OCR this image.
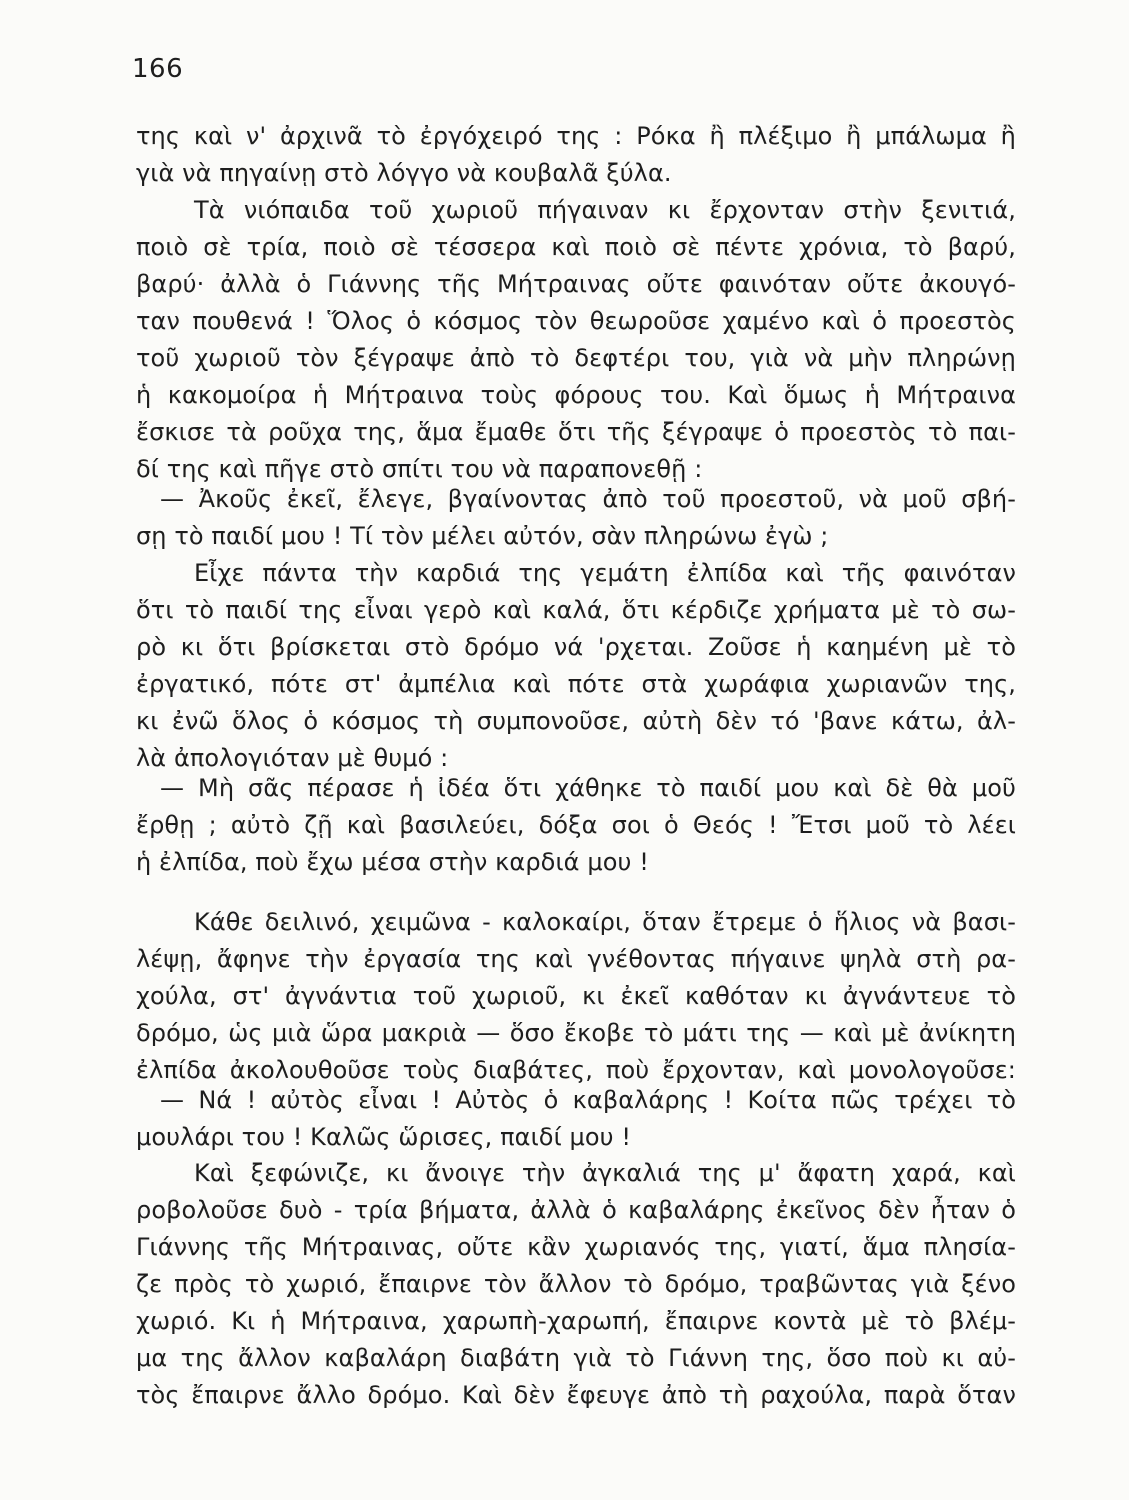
166
της καὶ ν' ἀρχινᾶ τὸ ἐργόχειρό της : Ρόκα ἢ πλέξιμο ἢ μπάλωμα ἢ
γιὰ νὰ πηγαίνῃ στὸ λόγγο νὰ κουβαλᾶ ξύλα.
Τὰ νιόπαιδα τοῦ χωριοῦ πήγαιναν κι ἔρχονταν στὴν ξενιτιά,
ποιὸ σὲ τρία, ποιὸ σὲ τέσσερα καὶ ποιὸ σὲ πέντε χρόνια, τὸ βαρύ,
βαρύ· ἀλλὰ ὁ Γιάννης τῆς Μήτραινας οὔτε φαινόταν οὔτε ἀκουγό-
ταν πουθενά ! Ὅλος ὁ κόσμος τὸν θεωροῦσε χαμένο καὶ ὁ προεστὸς
τοῦ χωριοῦ τὸν ξέγραψε ἀπὸ τὸ δεφτέρι του, γιὰ νὰ μὴν πληρώνῃ
ἡ κακομοίρα ἡ Μήτραινα τοὺς φόρους του. Καὶ ὅμως ἡ Μήτραινα
ἔσκισε τὰ ροῦχα της, ἅμα ἔμαθε ὅτι τῆς ξέγραψε ὁ προεστὸς τὸ παι-
δί της καὶ πῆγε στὸ σπίτι του νὰ παραπονεθῇ :
— Ἀκοῦς ἐκεῖ, ἔλεγε, βγαίνοντας ἀπὸ τοῦ προεστοῦ, νὰ μοῦ σβή-
σῃ τὸ παιδί μου ! Τί τὸν μέλει αὐτόν, σὰν πληρώνω ἐγὼ ;
Εἶχε πάντα τὴν καρδιά της γεμάτη ἐλπίδα καὶ τῆς φαινόταν
ὅτι τὸ παιδί της εἶναι γερὸ καὶ καλά, ὅτι κέρδιζε χρήματα μὲ τὸ σω-
ρὸ κι ὅτι βρίσκεται στὸ δρόμο νά 'ρχεται. Ζοῦσε ἡ καημένη μὲ τὸ
ἐργατικό, πότε στ' ἀμπέλια καὶ πότε στὰ χωράφια χωριανῶν της,
κι ἐνῶ ὅλος ὁ κόσμος τὴ συμπονοῦσε, αὐτὴ δὲν τό 'βανε κάτω, ἀλ-
λὰ ἀπολογιόταν μὲ θυμό :
— Μὴ σᾶς πέρασε ἡ ἰδέα ὅτι χάθηκε τὸ παιδί μου καὶ δὲ θὰ μοῦ
ἔρθῃ ; αὐτὸ ζῇ καὶ βασιλεύει, δόξα σοι ὁ Θεός ! Ἔτσι μοῦ τὸ λέει
ἡ ἐλπίδα, ποὺ ἔχω μέσα στὴν καρδιά μου !
Κάθε δειλινό, χειμῶνα - καλοκαίρι, ὅταν ἔτρεμε ὁ ἥλιος νὰ βασι-
λέψῃ, ἄφηνε τὴν ἐργασία της καὶ γνέθοντας πήγαινε ψηλὰ στὴ ρα-
χούλα, στ' ἀγνάντια τοῦ χωριοῦ, κι ἐκεῖ καθόταν κι ἀγνάντευε τὸ
δρόμο, ὡς μιὰ ὥρα μακριὰ — ὅσο ἔκοβε τὸ μάτι της — καὶ μὲ ἀνίκητη
ἐλπίδα ἀκολουθοῦσε τοὺς διαβάτες, ποὺ ἔρχονταν, καὶ μονολογοῦσε:
— Νά ! αὐτὸς εἶναι ! Αὐτὸς ὁ καβαλάρης ! Κοίτα πῶς τρέχει τὸ
μουλάρι του ! Καλῶς ὥρισες, παιδί μου !
Καὶ ξεφώνιζε, κι ἄνοιγε τὴν ἀγκαλιά της μ' ἄφατη χαρά, καὶ
ροβολοῦσε δυὸ - τρία βήματα, ἀλλὰ ὁ καβαλάρης ἐκεῖνος δὲν ἦταν ὁ
Γιάννης τῆς Μήτραινας, οὔτε κἂν χωριανός της, γιατί, ἅμα πλησία-
ζε πρὸς τὸ χωριό, ἔπαιρνε τὸν ἄλλον τὸ δρόμο, τραβῶντας γιὰ ξένο
χωριό. Κι ἡ Μήτραινα, χαρωπὴ-χαρωπή, ἔπαιρνε κοντὰ μὲ τὸ βλέμ-
μα της ἄλλον καβαλάρη διαβάτη γιὰ τὸ Γιάννη της, ὅσο ποὺ κι αὐ-
τὸς ἔπαιρνε ἄλλο δρόμο. Καὶ δὲν ἔφευγε ἀπὸ τὴ ραχούλα, παρὰ ὅταν
